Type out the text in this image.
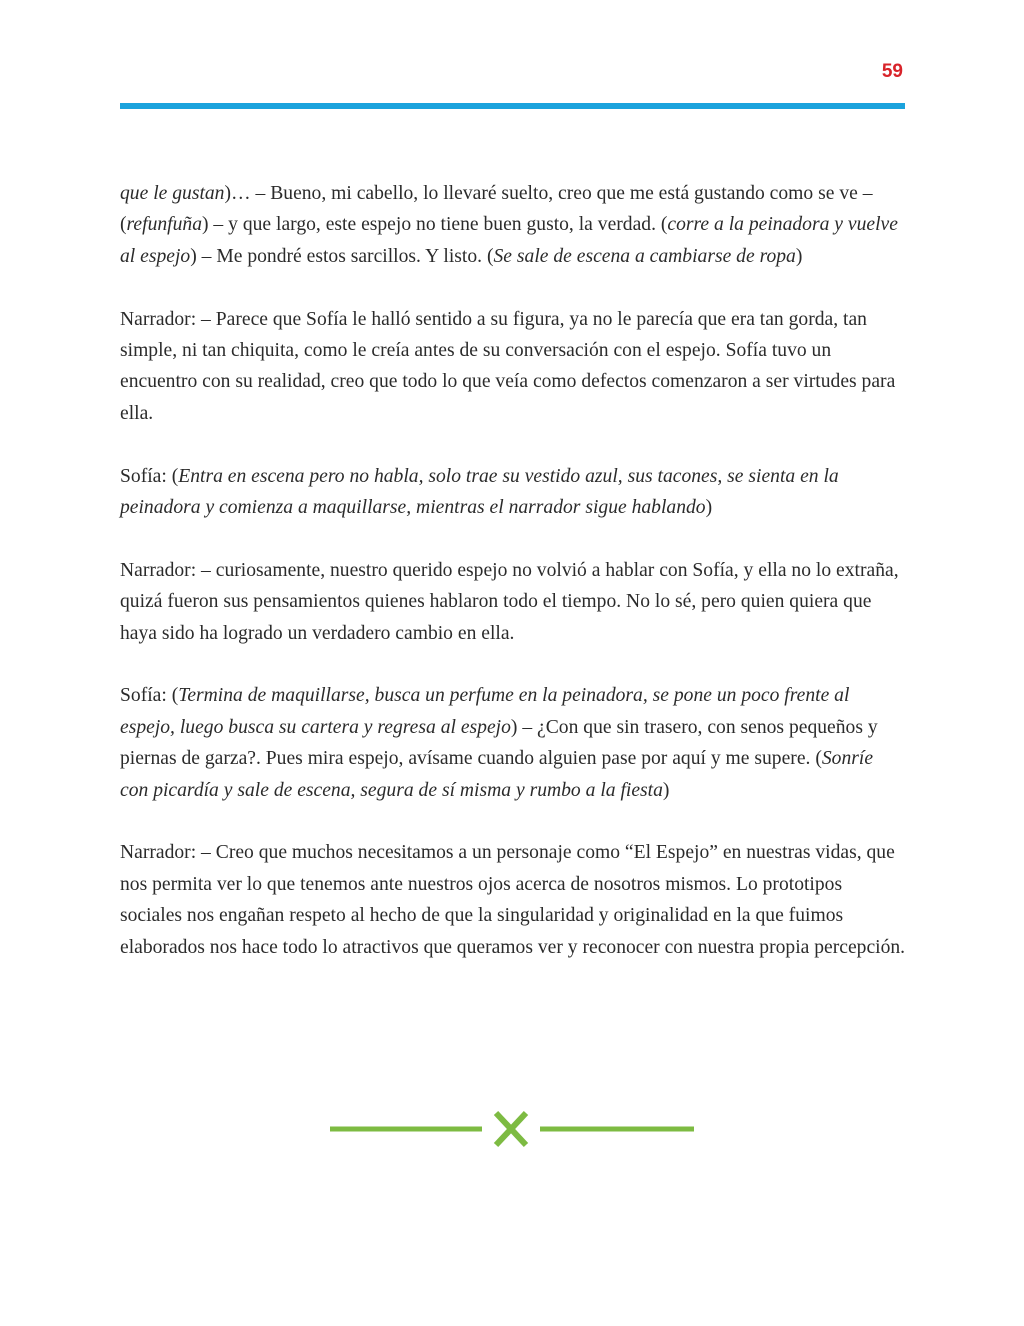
59

que le gustan)… – Bueno, mi cabello, lo llevaré suelto, creo que me está gustando como se ve – (refunfuña) – y que largo, este espejo no tiene buen gusto, la verdad. (corre a la peinadora y vuelve al espejo) – Me pondré estos sarcillos. Y listo. (Se sale de escena a cambiarse de ropa)

Narrador: – Parece que Sofía le halló sentido a su figura, ya no le parecía que era tan gorda, tan simple, ni tan chiquita, como le creía antes de su conversación con el espejo. Sofía tuvo un encuentro con su realidad, creo que todo lo que veía como defectos comenzaron a ser virtudes para ella.

Sofía: (Entra en escena pero no habla, solo trae su vestido azul, sus tacones, se sienta en la peinadora y comienza a maquillarse, mientras el narrador sigue hablando)

Narrador: – curiosamente, nuestro querido espejo no volvió a hablar con Sofía, y ella no lo extraña, quizá fueron sus pensamientos quienes hablaron todo el tiempo. No lo sé, pero quien quiera que haya sido ha logrado un verdadero cambio en ella.

Sofía: (Termina de maquillarse, busca un perfume en la peinadora, se pone un poco frente al espejo, luego busca su cartera y regresa al espejo) – ¿Con que sin trasero, con senos pequeños y piernas de garza?. Pues mira espejo, avísame cuando alguien pase por aquí y me supere. (Sonríe con picardía y sale de escena, segura de sí misma y rumbo a la fiesta)

Narrador: – Creo que muchos necesitamos a un personaje como “El Espejo” en nuestras vidas, que nos permita ver lo que tenemos ante nuestros ojos acerca de nosotros mismos. Lo prototipos sociales nos engañan respeto al hecho de que la singularidad y originalidad en la que fuimos elaborados nos hace todo lo atractivos que queramos ver y reconocer con nuestra propia percepción.
